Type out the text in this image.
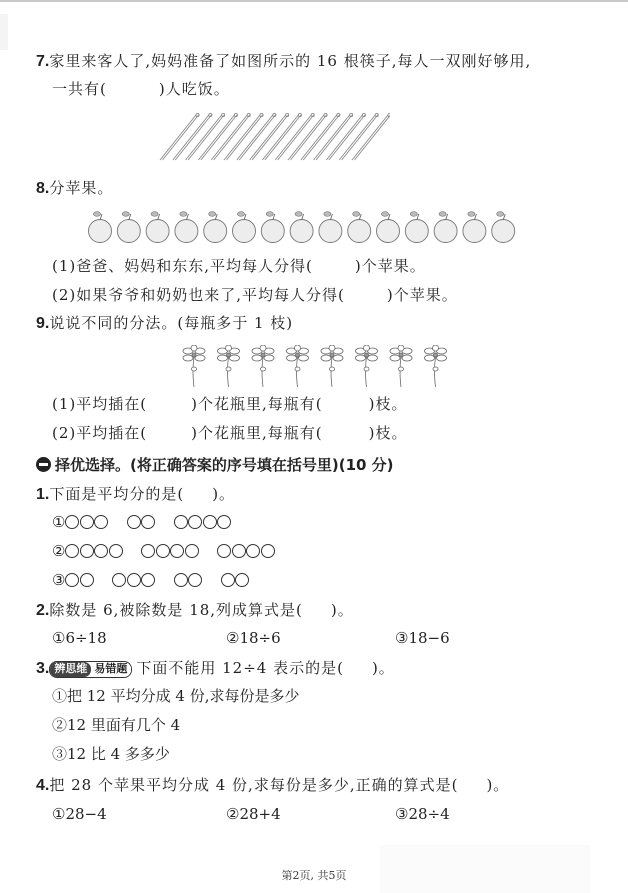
7.家里来客人了,妈妈准备了如图所示的 16 根筷子,每人一双刚好够用,
一共有(	)人吃饭。
8.分苹果。
(1)爸爸、妈妈和东东,平均每人分得(	)个苹果。
(2)如果爷爷和奶奶也来了,平均每人分得(	)个苹果。
9.说说不同的分法。(每瓶多于 1 枝)
(1)平均插在(	)个花瓶里,每瓶有(	)枝。
(2)平均插在(	)个花瓶里,每瓶有(	)枝。
择优选择。(将正确答案的序号填在括号里)(10 分)
1.下面是平均分的是( )。
①
②
③
2.除数是 6,被除数是 18,列成算式是( )。
①6÷18	②18÷6	③18−6
3. 辨思维 易错题 下面不能用 12÷4 表示的是( )。
①把 12 平均分成 4 份,求每份是多少
②12 里面有几个 4
③12 比 4 多多少
4.把 28 个苹果平均分成 4 份,求每份是多少,正确的算式是( )。
①28−4	②28+4	③28÷4
第2页, 共5页
